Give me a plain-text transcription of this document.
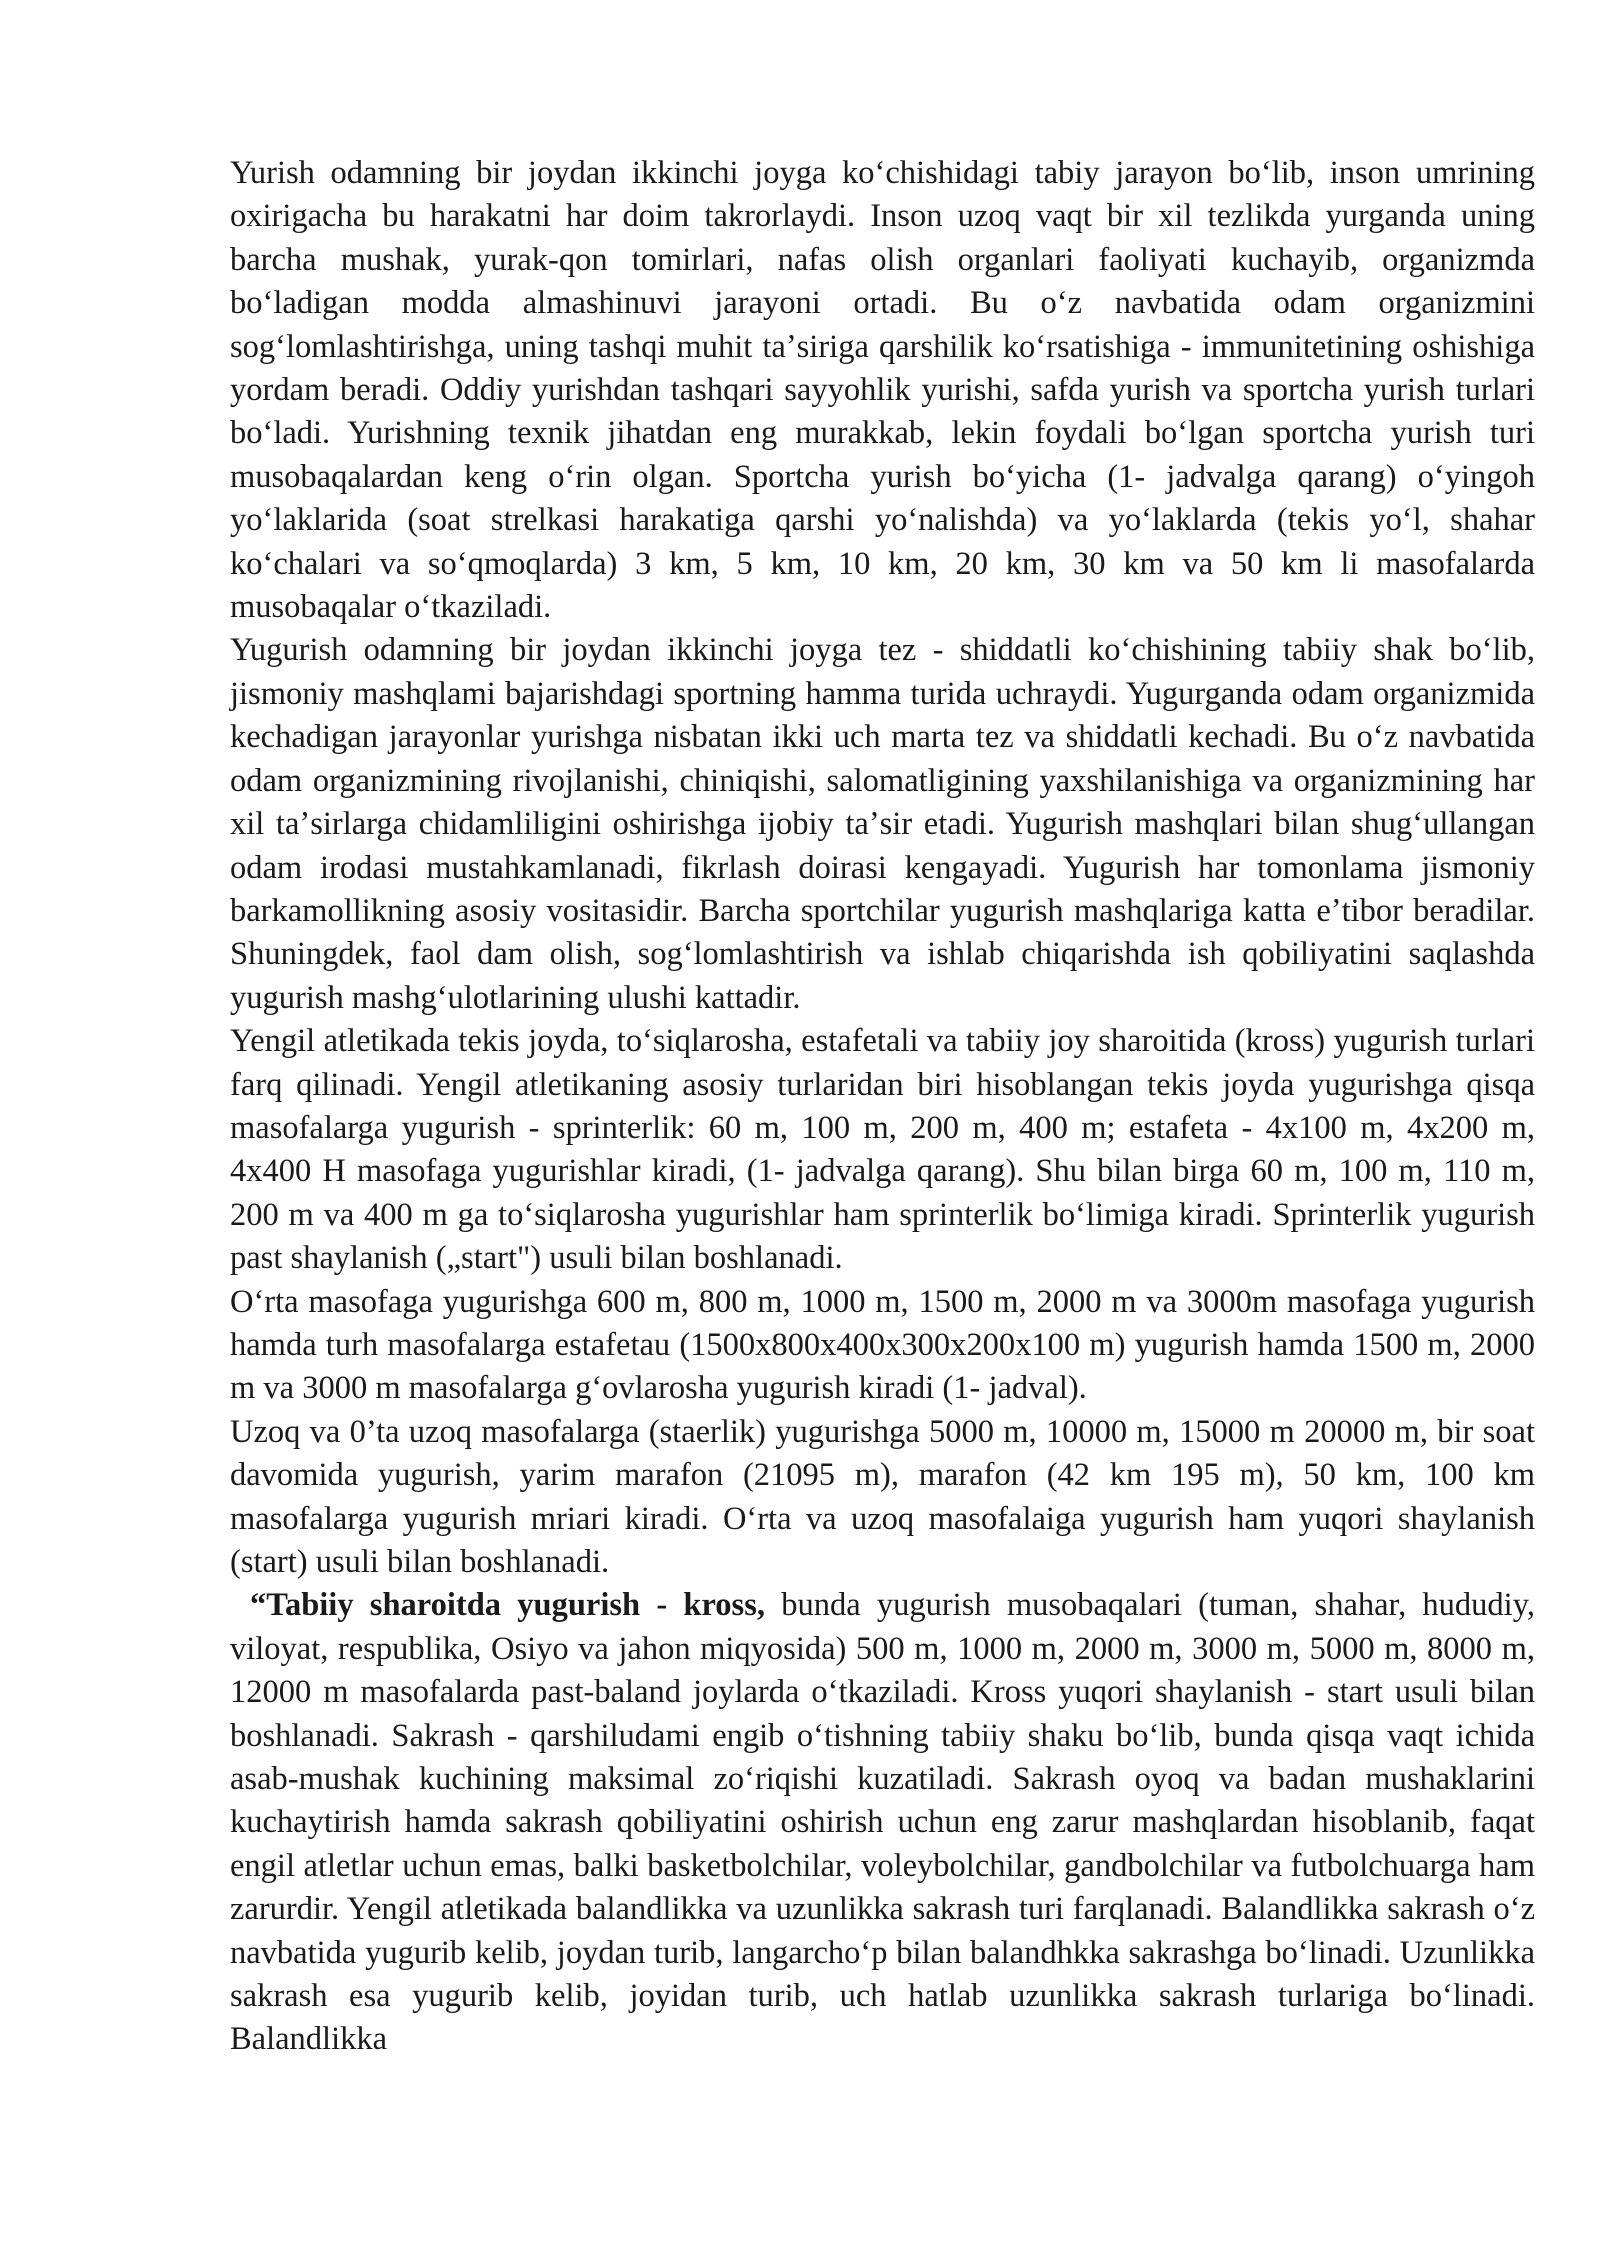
Yurish odamning bir joydan ikkinchi joyga koʻchishidagi tabiy jarayon boʻlib, inson umrining oxirigacha bu harakatni har doim takrorlaydi. Inson uzoq vaqt bir xil tezlikda yurganda uning barcha mushak, yurak-qon tomirlari, nafas olish organlari faoliyati kuchayib, organizmda boʻladigan modda almashinuvi jarayoni ortadi. Bu oʻz navbatida odam organizmini sogʻlomlashtirishga, uning tashqi muhit taʼsiriga qarshilik koʻrsatishiga - immunitetining oshishiga yordam beradi. Oddiy yurishdan tashqari sayyohlik yurishi, safda yurish va sportcha yurish turlari boʻladi. Yurishning texnik jihatdan eng murakkab, lekin foydali boʻlgan sportcha yurish turi musobaqalardan keng oʻrin olgan. Sportcha yurish boʻyicha (1- jadvalga qarang) oʻyingoh yoʻlaklarida (soat strelkasi harakatiga qarshi yoʻnalishda) va yoʻlaklarda (tekis yoʻl, shahar koʻchalari va soʻqmoqlarda) 3 km, 5 km, 10 km, 20 km, 30 km va 50 km li masofalarda musobaqalar oʻtkaziladi.

Yugurish odamning bir joydan ikkinchi joyga tez - shiddatli koʻchishining tabiiy shak boʻlib, jismoniy mashqlami bajarishdagi sportning hamma turida uchraydi. Yugurganda odam organizmida kechadigan jarayonlar yurishga nisbatan ikki uch marta tez va shiddatli kechadi. Bu oʻz navbatida odam organizmining rivojlanishi, chiniqishi, salomatligining yaxshilanishiga va organizmining har xil taʼsirlarga chidamliligini oshirishga ijobiy taʼsir etadi. Yugurish mashqlari bilan shugʻullangan odam irodasi mustahkamlanadi, fikrlash doirasi kengayadi. Yugurish har tomonlama jismoniy barkamollikning asosiy vositasidir. Barcha sportchilar yugurish mashqlariga katta eʼtibor beradilar. Shuningdek, faol dam olish, sogʻlomlashtirish va ishlab chiqarishda ish qobiliyatini saqlashda yugurish mashgʻulotlarining ulushi kattadir.

Yengil atletikada tekis joyda, toʻsiqlarosha, estafetali va tabiiy joy sharoitida (kross) yugurish turlari farq qilinadi. Yengil atletikaning asosiy turlaridan biri hisoblangan tekis joyda yugurishga qisqa masofalarga yugurish - sprinterlik: 60 m, 100 m, 200 m, 400 m; estafeta - 4x100 m, 4x200 m, 4x400 H masofaga yugurishlar kiradi, (1- jadvalga qarang). Shu bilan birga 60 m, 100 m, 110 m, 200 m va 400 m ga toʻsiqlarosha yugurishlar ham sprinterlik boʻlimiga kiradi. Sprinterlik yugurish past shaylanish („start") usuli bilan boshlanadi.

Oʻrta masofaga yugurishga 600 m, 800 m, 1000 m, 1500 m, 2000 m va 3000m masofaga yugurish hamda turh masofalarga estafetau (1500x800x400x300x200x100 m) yugurish hamda 1500 m, 2000 m va 3000 m masofalarga gʻovlarosha yugurish kiradi (1- jadval).

Uzoq va 0’ta uzoq masofalarga (staerlik) yugurishga 5000 m, 10000 m, 15000 m 20000 m, bir soat davomida yugurish, yarim marafon (21095 m), marafon (42 km 195 m), 50 km, 100 km masofalarga yugurish mriari kiradi. Oʻrta va uzoq masofalaiga yugurish ham yuqori shaylanish (start) usuli bilan boshlanadi.

“Tabiiy sharoitda yugurish - kross, bunda yugurish musobaqalari (tuman, shahar, hududiy, viloyat, respublika, Osiyo va jahon miqyosida) 500 m, 1000 m, 2000 m, 3000 m, 5000 m, 8000 m, 12000 m masofalarda past-baland joylarda oʻtkaziladi. Kross yuqori shaylanish - start usuli bilan boshlanadi. Sakrash - qarshiludami engib oʻtishning tabiiy shaku boʻlib, bunda qisqa vaqt ichida asab-mushak kuchining maksimal zoʻriqishi kuzatiladi. Sakrash oyoq va badan mushaklarini kuchaytirish hamda sakrash qobiliyatini oshirish uchun eng zarur mashqlardan hisoblanib, faqat engil atletlar uchun emas, balki basketbolchilar, voleybolchilar, gandbolchilar va futbolchuarga ham zarurdir. Yengil atletikada balandlikka va uzunlikka sakrash turi farqlanadi. Balandlikka sakrash oʻz navbatida yugurib kelib, joydan turib, langarchoʻp bilan balandhkka sakrashga boʻlinadi. Uzunlikka sakrash esa yugurib kelib, joyidan turib, uch hatlab uzunlikka sakrash turlariga boʻlinadi. Balandlikka
